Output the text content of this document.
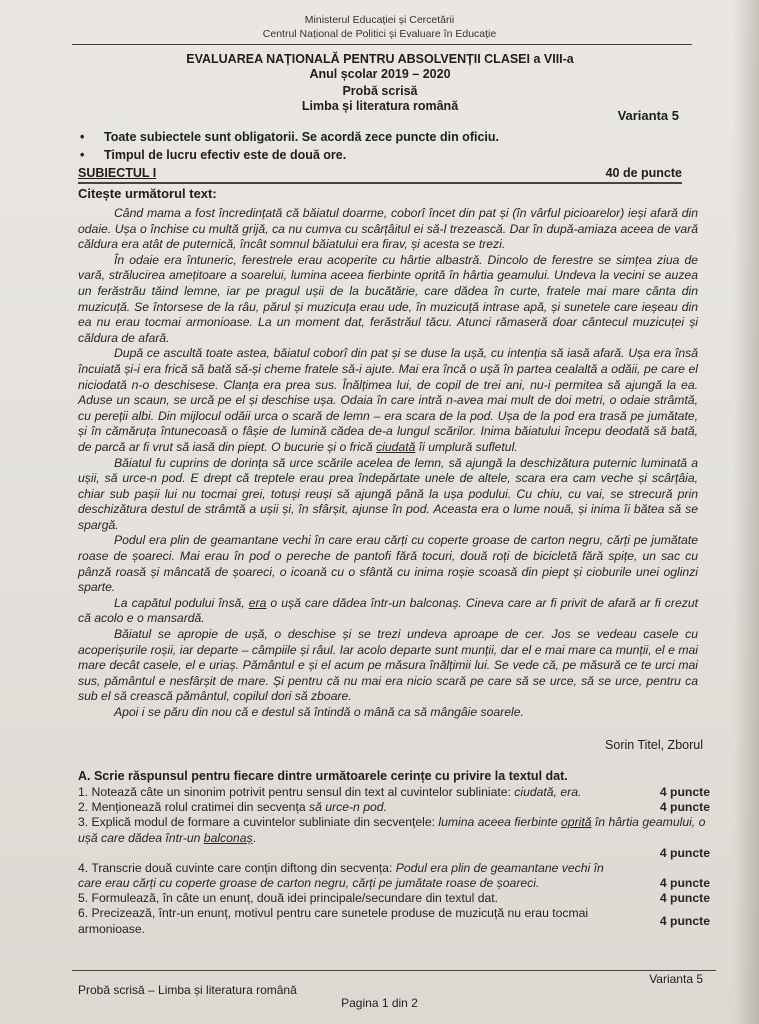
Ministerul Educației și Cercetării
Centrul Național de Politici și Evaluare în Educație
EVALUAREA NAȚIONALĂ PENTRU ABSOLVENȚII CLASEI a VIII-a
Anul școlar 2019 – 2020
Probă scrisă
Limba și literatura română
Varianta 5
• Toate subiectele sunt obligatorii. Se acordă zece puncte din oficiu.
• Timpul de lucru efectiv este de două ore.
SUBIECTUL I	40 de puncte
Citește următorul text:

Când mama a fost încredințată că băiatul doarme, coborî încet din pat și (în vârful picioarelor) ieși afară din odaie. Ușa o închise cu multă grijă, ca nu cumva cu scârțâitul ei să-l trezească. Dar în după-amiaza aceea de vară căldura era atât de puternică, încât somnul băiatului era firav, și acesta se trezi.

În odaie era întuneric, ferestrele erau acoperite cu hârtie albastră. Dincolo de ferestre se simțea ziua de vară, strălucirea amețitoare a soarelui, lumina aceea fierbinte oprită în hârtia geamului. Undeva la vecini se auzea un ferăstrău tăind lemne, iar pe pragul ușii de la bucătărie, care dădea în curte, fratele mai mare cânta din muzicuță. Se întorsese de la râu, părul și muzicuța erau ude, în muzicuță intrase apă, și sunetele care ieșeau din ea nu erau tocmai armonioase. La un moment dat, ferăstrăul tăcu. Atunci rămaseră doar cântecul muzicuței și căldura de afară.

După ce ascultă toate astea, băiatul coborî din pat și se duse la ușă, cu intenția să iasă afară. Ușa era însă încuiată și-i era frică să bată să-și cheme fratele să-i ajute. Mai era încă o ușă în partea cealaltă a odăii, pe care el niciodată n-o deschisese. Clanța era prea sus. Înălțimea lui, de copil de trei ani, nu-i permitea să ajungă la ea. Aduse un scaun, se urcă pe el și deschise ușa. Odaia în care intră n-avea mai mult de doi metri, o odaie strâmtă, cu pereții albi. Din mijlocul odăii urca o scară de lemn – era scara de la pod. Ușa de la pod era trasă pe jumătate, și în cămăruța întunecoasă o fâșie de lumină cădea de-a lungul scărilor. Inima băiatului începu deodată să bată, de parcă ar fi vrut să iasă din piept. O bucurie și o frică ciudată îi umplură sufletul.

Băiatul fu cuprins de dorința să urce scările acelea de lemn, să ajungă la deschizătura puternic luminată a ușii, să urce-n pod. E drept că treptele erau prea îndepărtate unele de altele, scara era cam veche și scârțâia, chiar sub pașii lui nu tocmai grei, totuși reuși să ajungă până la ușa podului. Cu chiu, cu vai, se strecură prin deschizătura destul de strâmtă a ușii și, în sfârșit, ajunse în pod. Aceasta era o lume nouă, și inima îi bătea să se spargă.

Podul era plin de geamantane vechi în care erau cărți cu coperte groase de carton negru, cărți pe jumătate roase de șoareci. Mai erau în pod o pereche de pantofi fără tocuri, două roți de bicicletă fără spițe, un sac cu pânză roasă și mâncată de șoareci, o icoană cu o sfântă cu inima roșie scoasă din piept și cioburile unei oglinzi sparte.

La capătul podului însă, era o ușă care dădea într-un balconaș. Cineva care ar fi privit de afară ar fi crezut că acolo e o mansardă.

Băiatul se apropie de ușă, o deschise și se trezi undeva aproape de cer. Jos se vedeau casele cu acoperișurile roșii, iar departe – câmpiile și râul. Iar acolo departe sunt munții, dar el e mai mare ca munții, el e mai mare decât casele, el e uriaș. Pământul e și el acum pe măsura înălțimii lui. Se vede că, pe măsură ce te urci mai sus, pământul e nesfârșit de mare. Și pentru că nu mai era nicio scară pe care să se urce, să se urce, pentru ca sub el să crească pământul, copilul dori să zboare.

Apoi i se păru din nou că e destul să întindă o mână ca să mângâie soarele.

Sorin Titel, Zborul
A. Scrie răspunsul pentru fiecare dintre următoarele cerințe cu privire la textul dat.
1. Notează câte un sinonim potrivit pentru sensul din text al cuvintelor subliniate: ciudată, era.	4 puncte
2. Menționează rolul cratimei din secvența să urce-n pod.	4 puncte
3. Explică modul de formare a cuvintelor subliniate din secvențele: lumina aceea fierbinte oprită în hârtia geamului, o ușă care dădea într-un balconaș.
4 puncte
4. Transcrie două cuvinte care conțin diftong din secvența: Podul era plin de geamantane vechi în care erau cărți cu coperte groase de carton negru, cărți pe jumătate roase de șoareci.	4 puncte
5. Formulează, în câte un enunț, două idei principale/secundare din textul dat.	4 puncte
6. Precizează, într-un enunț, motivul pentru care sunetele produse de muzicuță nu erau tocmai armonioase.
4 puncte
Probă scrisă – Limba și literatura română
Varianta 5
Pagina 1 din 2
